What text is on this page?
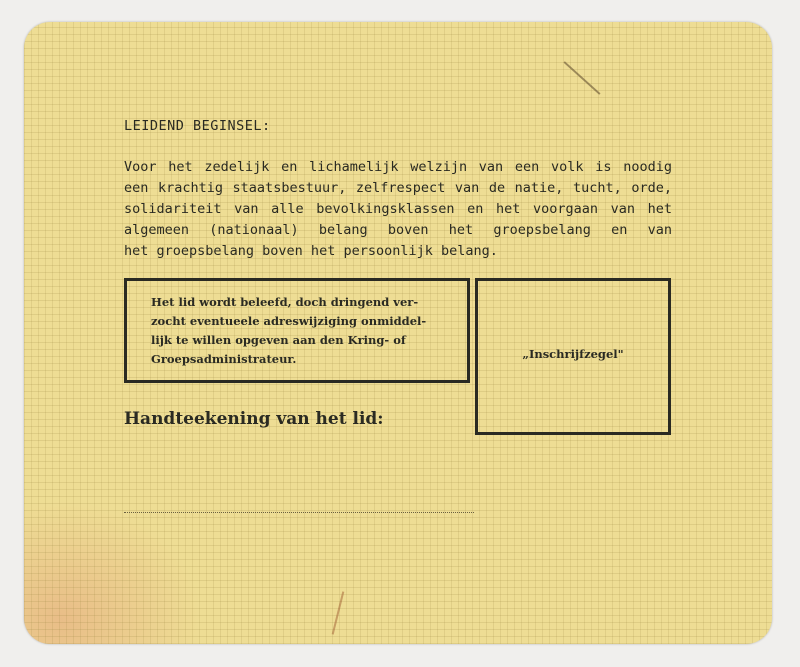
LEIDEND BEGINSEL:

Voor het zedelijk en lichamelijk welzijn van een volk is noodig
een krachtig staatsbestuur, zelfrespect van de natie, tucht, orde,
solidariteit van alle bevolkingsklassen en het voorgaan van het
algemeen (nationaal) belang boven het groepsbelang en van
het groepsbelang boven het persoonlijk belang.

Het lid wordt beleefd, doch dringend ver-
zocht eventueele adreswijziging onmiddel-
lijk te willen opgeven aan den Kring- of
Groepsadministrateur.	„Inschrijfzegel"
Handteekening van het lid:
